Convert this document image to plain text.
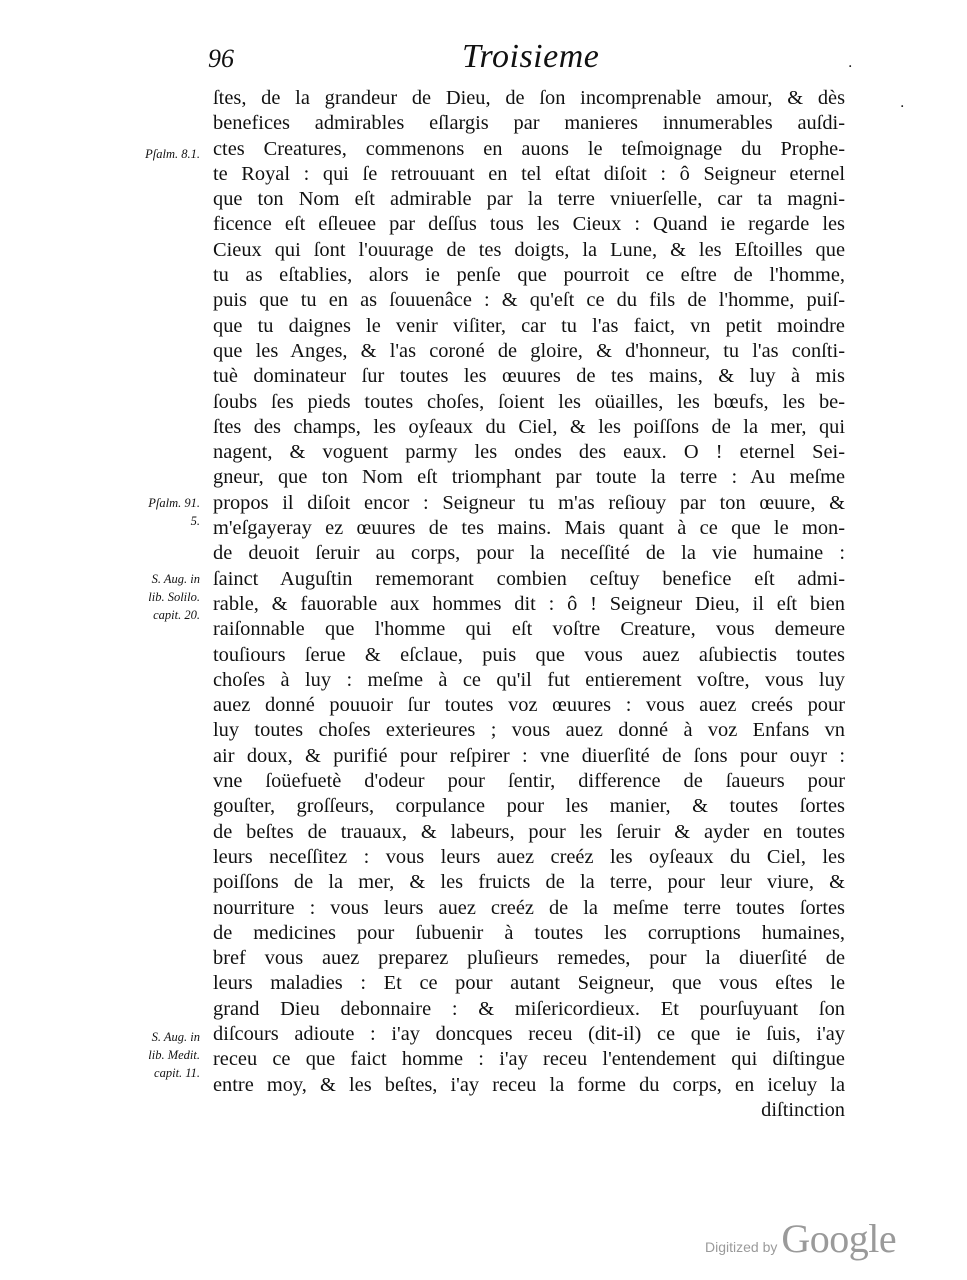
96	Troisieme
ſtes, de la grandeur de Dieu, de ſon incomprenable amour, & dès
benefices admirables eſlargis par manieres innumerables auſdi-
ctes Creatures, commenons en auons le teſmoignage du Prophe-
te Royal : qui ſe retrouuant en tel eſtat diſoit : ô Seigneur eternel
que ton Nom eſt admirable par la terre vniuerſelle, car ta magni-
ficence eſt eſleuee par deſſus tous les Cieux : Quand ie regarde les
Cieux qui ſont l'ouurage de tes doigts, la Lune, & les Eſtoilles que
tu as eſtablies, alors ie penſe que pourroit ce eſtre de l'homme,
puis que tu en as ſouuenâce : & qu'eſt ce du fils de l'homme, puiſ-
que tu daignes le venir viſiter, car tu l'as faict, vn petit moindre
que les Anges, & l'as coroné de gloire, & d'honneur, tu l'as conſti-
tuè dominateur ſur toutes les œuures de tes mains, & luy à mis
ſoubs ſes pieds toutes choſes, ſoient les oüailles, les bœufs, les be-
ſtes des champs, les oyſeaux du Ciel, & les poiſſons de la mer, qui
nagent, & voguent parmy les ondes des eaux. O ! eternel Sei-
gneur, que ton Nom eſt triomphant par toute la terre : Au meſme
propos il diſoit encor : Seigneur tu m'as reſiouy par ton œuure, &
m'eſgayeray ez œuures de tes mains. Mais quant à ce que le mon-
de deuoit ſeruir au corps, pour la neceſſité de la vie humaine :
ſainct Auguſtin rememorant combien ceſtuy benefice eſt admi-
rable, & fauorable aux hommes dit : ô ! Seigneur Dieu, il eſt bien
raiſonnable que l'homme qui eſt voſtre Creature, vous demeure
touſiours ſerue & eſclaue, puis que vous auez aſubiectis toutes
choſes à luy : meſme à ce qu'il fut entierement voſtre, vous luy
auez donné pouuoir ſur toutes voz œuures : vous auez creés pour
luy toutes choſes exterieures ; vous auez donné à voz Enfans vn
air doux, & purifié pour reſpirer : vne diuerſité de ſons pour ouyr :
vne ſoüefuetè d'odeur pour ſentir, difference de ſaueurs pour
gouſter, groſſeurs, corpulance pour les manier, & toutes ſortes
de beſtes de trauaux, & labeurs, pour les ſeruir & ayder en toutes
leurs neceſſitez : vous leurs auez creéz les oyſeaux du Ciel, les
poiſſons de la mer, & les fruicts de la terre, pour leur viure, &
nourriture : vous leurs auez creéz de la meſme terre toutes ſortes
de medicines pour ſubuenir à toutes les corruptions humaines,
bref vous auez preparez pluſieurs remedes, pour la diuerſité de
leurs maladies : Et ce pour autant Seigneur, que vous eſtes le
grand Dieu debonnaire : & miſericordieux. Et pourſuyuant ſon
diſcours adioute : i'ay doncques receu (dit-il) ce que ie ſuis, i'ay
receu ce que faict homme : i'ay receu l'entendement qui diſtingue
entre moy, & les beſtes, i'ay receu la forme du corps, en iceluy la
diſtinction
Pſalm. 8.1.
Pſalm. 91.
5.
S. Aug. in
lib. Solilo.
capit. 20.
S. Aug. in
lib. Medit.
capit. 11.
·
·
Digitized by Google
